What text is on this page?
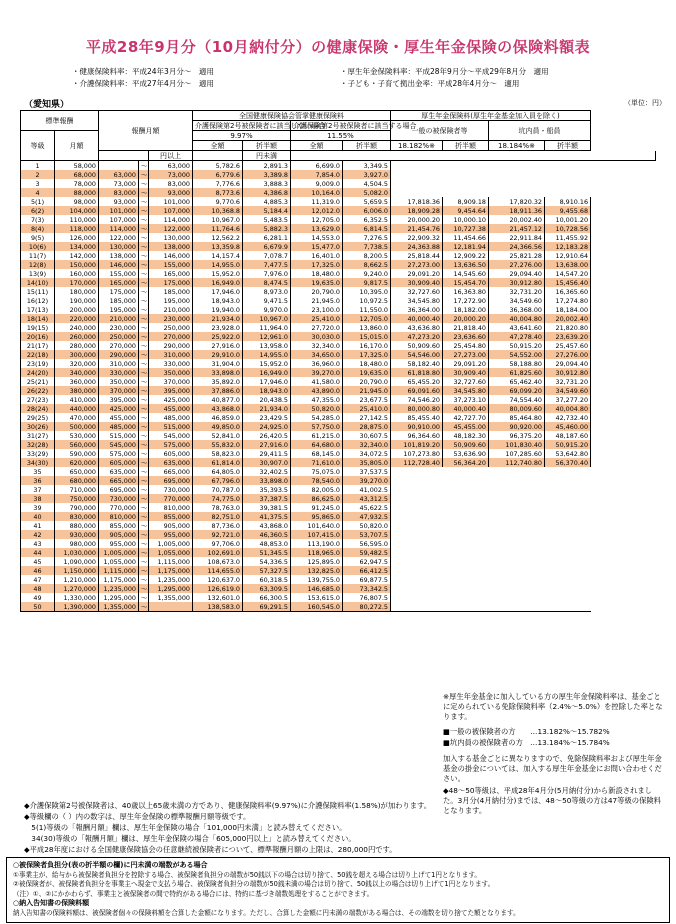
平成28年9月分（10月納付分）の健康保険・厚生年金保険の保険料額表
・健康保険料率：平成24年3月分～　適用
・介護保険料率：平成27年4月分～　適用
・厚生年金保険料率：平成28年9月分～平成29年8月分　適用
・子ども・子育て拠出金率：平成28年4月分～　適用
（愛知県）	（単位：円）
標準報酬		報酬月額			全国健康保険協会管掌健康保険料				厚生年金保険料(厚生年金基金加入員を除く)			
					介護保険第2号被保険者に該当しない場合		介護保険第2号被保険者に該当する場合		一般の被保険者等		坑内員・船員	
等級	月額				9.97%		11.55%					
					全額	折半額	全額	折半額	18.182%※	折半額	18.184%※	折半額
				円以上		円未満						
1	58,000		～	63,000	5,782.6	2,891.3	6,699.0	3,349.5				
2	68,000	63,000	～	73,000	6,779.6	3,389.8	7,854.0	3,927.0				
3	78,000	73,000	～	83,000	7,776.6	3,888.3	9,009.0	4,504.5				
4	88,000	83,000	～	93,000	8,773.6	4,386.8	10,164.0	5,082.0				
5(1)	98,000	93,000	～	101,000	9,770.6	4,885.3	11,319.0	5,659.5	17,818.36	8,909.18	17,820.32	8,910.16
6(2)	104,000	101,000	～	107,000	10,368.8	5,184.4	12,012.0	6,006.0	18,909.28	9,454.64	18,911.36	9,455.68
7(3)	110,000	107,000	～	114,000	10,967.0	5,483.5	12,705.0	6,352.5	20,000.20	10,000.10	20,002.40	10,001.20
8(4)	118,000	114,000	～	122,000	11,764.6	5,882.3	13,629.0	6,814.5	21,454.76	10,727.38	21,457.12	10,728.56
9(5)	126,000	122,000	～	130,000	12,562.2	6,281.1	14,553.0	7,276.5	22,909.32	11,454.66	22,911.84	11,455.92
10(6)	134,000	130,000	～	138,000	13,359.8	6,679.9	15,477.0	7,738.5	24,363.88	12,181.94	24,366.56	12,183.28
11(7)	142,000	138,000	～	146,000	14,157.4	7,078.7	16,401.0	8,200.5	25,818.44	12,909.22	25,821.28	12,910.64
12(8)	150,000	146,000	～	155,000	14,955.0	7,477.5	17,325.0	8,662.5	27,273.00	13,636.50	27,276.00	13,638.00
13(9)	160,000	155,000	～	165,000	15,952.0	7,976.0	18,480.0	9,240.0	29,091.20	14,545.60	29,094.40	14,547.20
14(10)	170,000	165,000	～	175,000	16,949.0	8,474.5	19,635.0	9,817.5	30,909.40	15,454.70	30,912.80	15,456.40
15(11)	180,000	175,000	～	185,000	17,946.0	8,973.0	20,790.0	10,395.0	32,727.60	16,363.80	32,731.20	16,365.60
16(12)	190,000	185,000	～	195,000	18,943.0	9,471.5	21,945.0	10,972.5	34,545.80	17,272.90	34,549.60	17,274.80
17(13)	200,000	195,000	～	210,000	19,940.0	9,970.0	23,100.0	11,550.0	36,364.00	18,182.00	36,368.00	18,184.00
18(14)	220,000	210,000	～	230,000	21,934.0	10,967.0	25,410.0	12,705.0	40,000.40	20,000.20	40,004.80	20,002.40
19(15)	240,000	230,000	～	250,000	23,928.0	11,964.0	27,720.0	13,860.0	43,636.80	21,818.40	43,641.60	21,820.80
20(16)	260,000	250,000	～	270,000	25,922.0	12,961.0	30,030.0	15,015.0	47,273.20	23,636.60	47,278.40	23,639.20
21(17)	280,000	270,000	～	290,000	27,916.0	13,958.0	32,340.0	16,170.0	50,909.60	25,454.80	50,915.20	25,457.60
22(18)	300,000	290,000	～	310,000	29,910.0	14,955.0	34,650.0	17,325.0	54,546.00	27,273.00	54,552.00	27,276.00
23(19)	320,000	310,000	～	330,000	31,904.0	15,952.0	36,960.0	18,480.0	58,182.40	29,091.20	58,188.80	29,094.40
24(20)	340,000	330,000	～	350,000	33,898.0	16,949.0	39,270.0	19,635.0	61,818.80	30,909.40	61,825.60	30,912.80
25(21)	360,000	350,000	～	370,000	35,892.0	17,946.0	41,580.0	20,790.0	65,455.20	32,727.60	65,462.40	32,731.20
26(22)	380,000	370,000	～	395,000	37,886.0	18,943.0	43,890.0	21,945.0	69,091.60	34,545.80	69,099.20	34,549.60
27(23)	410,000	395,000	～	425,000	40,877.0	20,438.5	47,355.0	23,677.5	74,546.20	37,273.10	74,554.40	37,277.20
28(24)	440,000	425,000	～	455,000	43,868.0	21,934.0	50,820.0	25,410.0	80,000.80	40,000.40	80,009.60	40,004.80
29(25)	470,000	455,000	～	485,000	46,859.0	23,429.5	54,285.0	27,142.5	85,455.40	42,727.70	85,464.80	42,732.40
30(26)	500,000	485,000	～	515,000	49,850.0	24,925.0	57,750.0	28,875.0	90,910.00	45,455.00	90,920.00	45,460.00
31(27)	530,000	515,000	～	545,000	52,841.0	26,420.5	61,215.0	30,607.5	96,364.60	48,182.30	96,375.20	48,187.60
32(28)	560,000	545,000	～	575,000	55,832.0	27,916.0	64,680.0	32,340.0	101,819.20	50,909.60	101,830.40	50,915.20
33(29)	590,000	575,000	～	605,000	58,823.0	29,411.5	68,145.0	34,072.5	107,273.80	53,636.90	107,285.60	53,642.80
34(30)	620,000	605,000	～	635,000	61,814.0	30,907.0	71,610.0	35,805.0	112,728.40	56,364.20	112,740.80	56,370.40
35	650,000	635,000	～	665,000	64,805.0	32,402.5	75,075.0	37,537.5				
36	680,000	665,000	～	695,000	67,796.0	33,898.0	78,540.0	39,270.0				
37	710,000	695,000	～	730,000	70,787.0	35,393.5	82,005.0	41,002.5				
38	750,000	730,000	～	770,000	74,775.0	37,387.5	86,625.0	43,312.5				
39	790,000	770,000	～	810,000	78,763.0	39,381.5	91,245.0	45,622.5				
40	830,000	810,000	～	855,000	82,751.0	41,375.5	95,865.0	47,932.5				
41	880,000	855,000	～	905,000	87,736.0	43,868.0	101,640.0	50,820.0				
42	930,000	905,000	～	955,000	92,721.0	46,360.5	107,415.0	53,707.5				
43	980,000	955,000	～	1,005,000	97,706.0	48,853.0	113,190.0	56,595.0				
44	1,030,000	1,005,000	～	1,055,000	102,691.0	51,345.5	118,965.0	59,482.5				
45	1,090,000	1,055,000	～	1,115,000	108,673.0	54,336.5	125,895.0	62,947.5				
46	1,150,000	1,115,000	～	1,175,000	114,655.0	57,327.5	132,825.0	66,412.5				
47	1,210,000	1,175,000	～	1,235,000	120,637.0	60,318.5	139,755.0	69,877.5				
48	1,270,000	1,235,000	～	1,295,000	126,619.0	63,309.5	146,685.0	73,342.5				
49	1,330,000	1,295,000	～	1,355,000	132,601.0	66,300.5	153,615.0	76,807.5				
50	1,390,000	1,355,000	～		138,583.0	69,291.5	160,545.0	80,272.5				
※厚生年金基金に加入している方の厚生年金保険料率は、基金ごとに定められている免除保険料率（2.4%～5.0%）を控除した率となります。
■一般の被保険者の方　　…13.182%～15.782%
■坑内員の被保険者の方　…13.184%～15.784%
加入する基金ごとに異なりますので、免除保険料率および厚生年金基金の掛金については、加入する厚生年金基金にお問い合わせください。
◆48～50等級は、平成28年4月分(5月納付分)から新設されました。3月分(4月納付分)までは、48～50等級の方は47等級の保険料となります。
◆介護保険第2号被保険者は、40歳以上65歳未満の方であり、健康保険料率(9.97%)に介護保険料率(1.58%)が加わります。
◆等級欄の（ ）内の数字は、厚生年金保険の標準報酬月額等級です。
　5(1)等級の「報酬月額」欄は、厚生年金保険の場合「101,000円未満」と読み替えてください。
　34(30)等級の「報酬月額」欄は、厚生年金保険の場合「605,000円以上」と読み替えてください。
◆平成28年度における全国健康保険協会の任意継続被保険者について、標準報酬月額の上限は、280,000円です。
○被保険者負担分(表の折半額の欄)に円未満の端数がある場合
①事業主が、給与から被保険者負担分を控除する場合、被保険者負担分の端数が50銭以下の場合は切り捨て、50銭を超える場合は切り上げて1円となります。
②被保険者が、被保険者負担分を事業主へ現金で支払う場合、被保険者負担分の端数が50銭未満の場合は切り捨て、50銭以上の場合は切り上げて1円となります。
（注）①、②にかかわらず、事業主と被保険者の間で特約がある場合には、特約に基づき端数処理をすることができます。
○納入告知書の保険料額
納入告知書の保険料額は、被保険者個々の保険料額を合算した金額になります。ただし、合算した金額に円未満の端数がある場合は、その端数を切り捨てた額となります。
